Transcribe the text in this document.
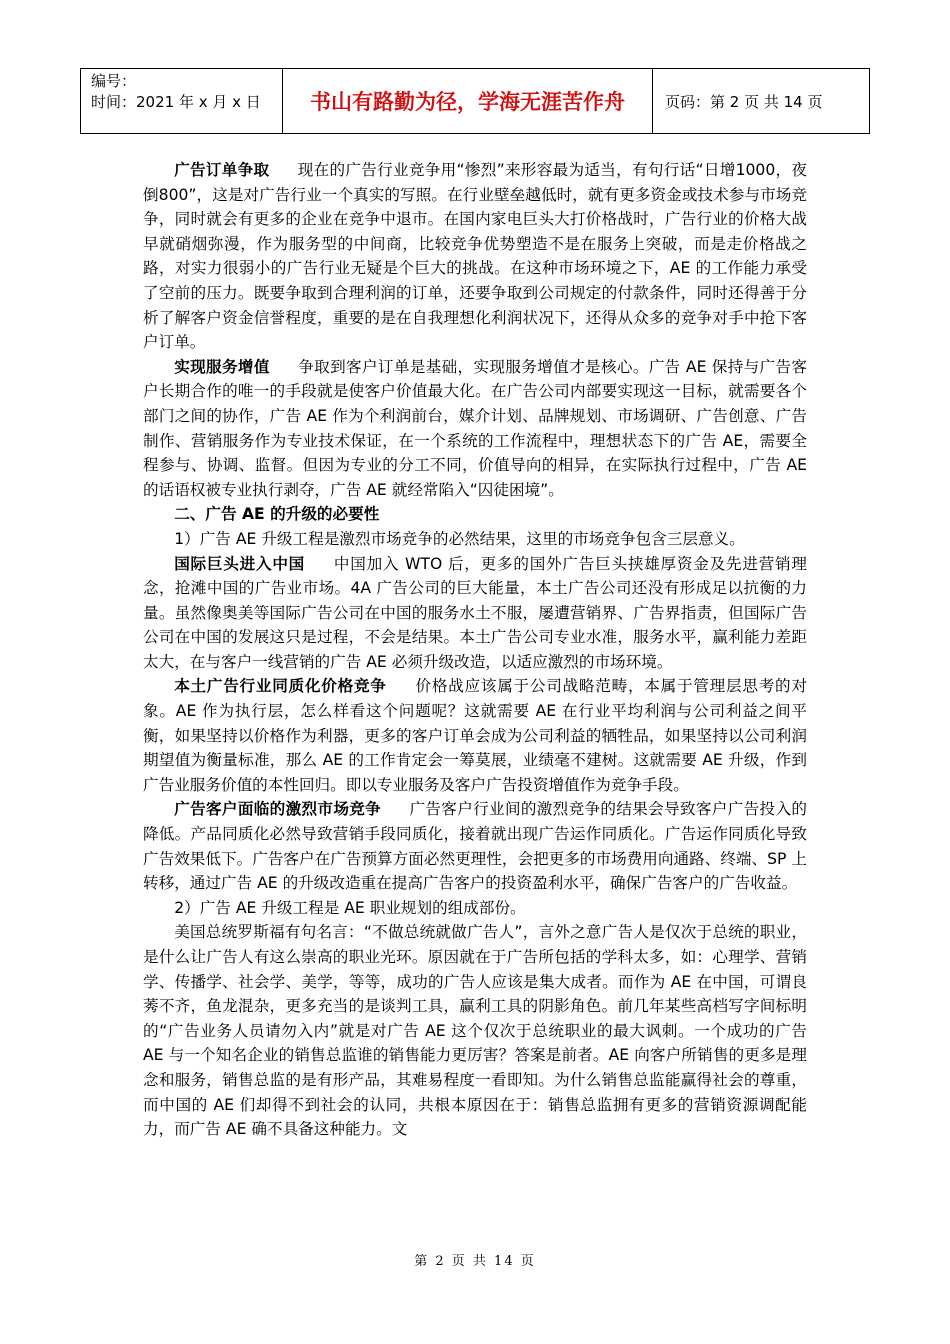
编号：
时间：2021 年 x 月 x 日	书山有路勤为径，学海无涯苦作舟	页码：第 2 页 共 14 页

广告订单争取 现在的广告行业竞争用“惨烈”来形容最为适当，有句行话“日增1000，夜倒800”，这是对广告行业一个真实的写照。在行业壁垒越低时，就有更多资金或技术参与市场竞争，同时就会有更多的企业在竞争中退市。在国内家电巨头大打价格战时，广告行业的价格大战早就硝烟弥漫，作为服务型的中间商，比较竞争优势塑造不是在服务上突破，而是走价格战之路，对实力很弱小的广告行业无疑是个巨大的挑战。在这种市场环境之下，AE 的工作能力承受了空前的压力。既要争取到合理利润的订单，还要争取到公司规定的付款条件，同时还得善于分析了解客户资金信誉程度，重要的是在自我理想化利润状况下，还得从众多的竞争对手中抢下客户订单。

实现服务增值 争取到客户订单是基础，实现服务增值才是核心。广告 AE 保持与广告客户长期合作的唯一的手段就是使客户价值最大化。在广告公司内部要实现这一目标，就需要各个部门之间的协作，广告 AE 作为个利润前台，媒介计划、品牌规划、市场调研、广告创意、广告制作、营销服务作为专业技术保证，在一个系统的工作流程中，理想状态下的广告 AE，需要全程参与、协调、监督。但因为专业的分工不同，价值导向的相异，在实际执行过程中，广告 AE 的话语权被专业执行剥夺，广告 AE 就经常陷入“囚徒困境”。

二、广告 AE 的升级的必要性

1）广告 AE 升级工程是激烈市场竞争的必然结果，这里的市场竞争包含三层意义。

国际巨头进入中国 中国加入 WTO 后，更多的国外广告巨头挟雄厚资金及先进营销理念，抢滩中国的广告业市场。4A 广告公司的巨大能量，本土广告公司还没有形成足以抗衡的力量。虽然像奥美等国际广告公司在中国的服务水土不服，屡遭营销界、广告界指责，但国际广告公司在中国的发展这只是过程，不会是结果。本土广告公司专业水准，服务水平，赢利能力差距太大，在与客户一线营销的广告 AE 必须升级改造，以适应激烈的市场环境。

本土广告行业同质化价格竞争 价格战应该属于公司战略范畴，本属于管理层思考的对象。AE 作为执行层，怎么样看这个问题呢？这就需要 AE 在行业平均利润与公司利益之间平衡，如果坚持以价格作为利器，更多的客户订单会成为公司利益的牺牲品，如果坚持以公司利润期望值为衡量标准，那么 AE 的工作肯定会一筹莫展，业绩毫不建树。这就需要 AE 升级，作到广告业服务价值的本性回归。即以专业服务及客户广告投资增值作为竞争手段。

广告客户面临的激烈市场竞争 广告客户行业间的激烈竞争的结果会导致客户广告投入的降低。产品同质化必然导致营销手段同质化，接着就出现广告运作同质化。广告运作同质化导致广告效果低下。广告客户在广告预算方面必然更理性，会把更多的市场费用向通路、终端、SP 上转移，通过广告 AE 的升级改造重在提高广告客户的投资盈利水平，确保广告客户的广告收益。

2）广告 AE 升级工程是 AE 职业规划的组成部份。

美国总统罗斯福有句名言：“不做总统就做广告人”，言外之意广告人是仅次于总统的职业，是什么让广告人有这么崇高的职业光环。原因就在于广告所包括的学科太多，如：心理学、营销学、传播学、社会学、美学，等等，成功的广告人应该是集大成者。而作为 AE 在中国，可谓良莠不齐，鱼龙混杂，更多充当的是谈判工具，赢利工具的阴影角色。前几年某些高档写字间标明的“广告业务人员请勿入内”就是对广告 AE 这个仅次于总统职业的最大讽刺。一个成功的广告 AE 与一个知名企业的销售总监谁的销售能力更厉害？答案是前者。AE 向客户所销售的更多是理念和服务，销售总监的是有形产品，其难易程度一看即知。为什么销售总监能赢得社会的尊重，而中国的 AE 们却得不到社会的认同，共根本原因在于：销售总监拥有更多的营销资源调配能力，而广告 AE 确不具备这种能力。文

第 2 页 共 14 页
